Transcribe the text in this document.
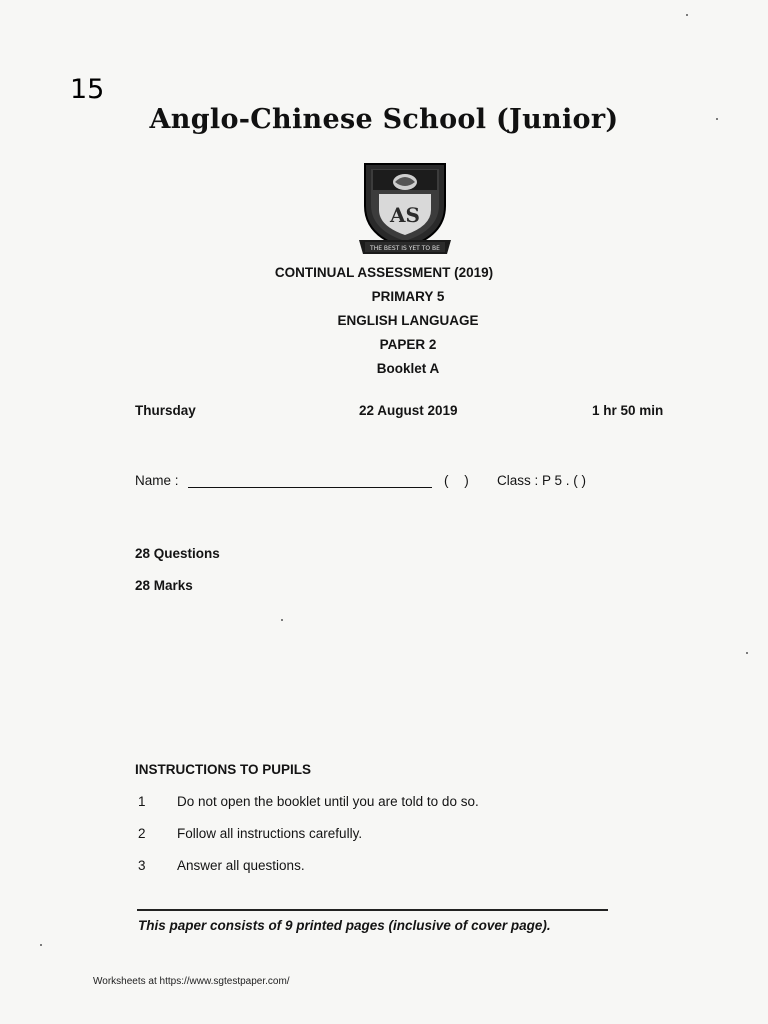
15
Anglo-Chinese School (Junior)
AS
THE BEST IS YET TO BE
CONTINUAL ASSESSMENT (2019)
PRIMARY 5
ENGLISH LANGUAGE
PAPER 2
Booklet A
Thursday	22 August 2019	1 hr 50 min
Name :	( ) Class : P 5 . ( )
28 Questions
28 Marks
INSTRUCTIONS TO PUPILS
1 Do not open the booklet until you are told to do so.
2 Follow all instructions carefully.
3 Answer all questions.
This paper consists of 9 printed pages (inclusive of cover page).
Worksheets at https://www.sgtestpaper.com/
